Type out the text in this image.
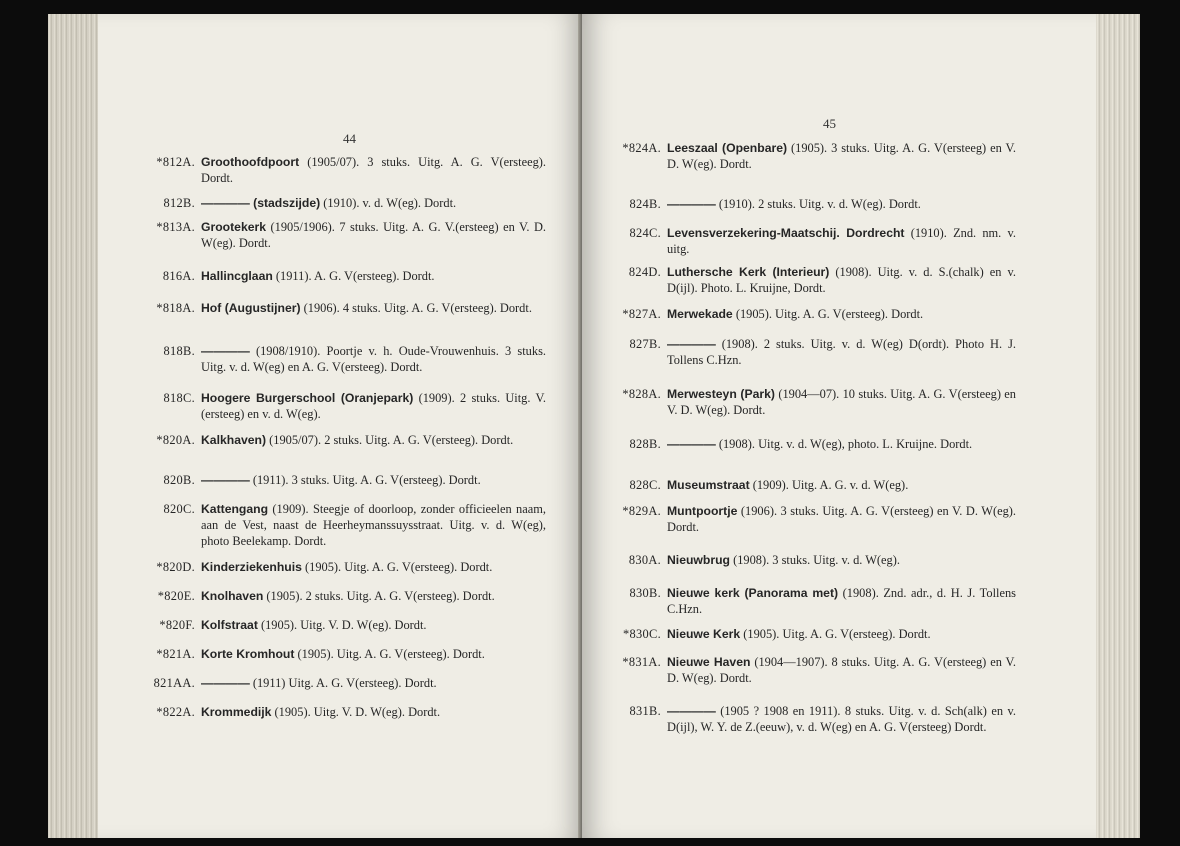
44
*812A. Groothoofdpoort (1905/07). 3 stuks. Uitg. A. G. V(ersteeg). Dordt.
812B. ———— (stadszijde) (1910). v. d. W(eg). Dordt.
*813A. Grootekerk (1905/1906). 7 stuks. Uitg. A. G. V.(ersteeg) en V. D. W(eg). Dordt.
816A. Hallincglaan (1911). A. G. V(ersteeg). Dordt.
*818A. Hof (Augustijner) (1906). 4 stuks. Uitg. A. G. V(ersteeg). Dordt.
818B. ———— (1908/1910). Poortje v. h. Oude-Vrouwenhuis. 3 stuks. Uitg. v. d. W(eg) en A. G. V(ersteeg). Dordt.
818C. Hoogere Burgerschool (Oranjepark) (1909). 2 stuks. Uitg. V.(ersteeg) en v. d. W(eg).
*820A. Kalkhaven) (1905/07). 2 stuks. Uitg. A. G. V(ersteeg). Dordt.
820B. ———— (1911). 3 stuks. Uitg. A. G. V(ersteeg). Dordt.
820C. Kattengang (1909). Steegje of doorloop, zonder officieelen naam, aan de Vest, naast de Heerheymanssuysstraat. Uitg. v. d. W(eg), photo Beelekamp. Dordt.
*820D. Kinderziekenhuis (1905). Uitg. A. G. V(ersteeg). Dordt.
*820E. Knolhaven (1905). 2 stuks. Uitg. A. G. V(ersteeg). Dordt.
*820F. Kolfstraat (1905). Uitg. V. D. W(eg). Dordt.
*821A. Korte Kromhout (1905). Uitg. A. G. V(ersteeg). Dordt.
821AA. ———— (1911) Uitg. A. G. V(ersteeg). Dordt.
*822A. Krommedijk (1905). Uitg. V. D. W(eg). Dordt.
45
*824A. Leeszaal (Openbare) (1905). 3 stuks. Uitg. A. G. V(ersteeg) en V. D. W(eg). Dordt.
824B. ———— (1910). 2 stuks. Uitg. v. d. W(eg). Dordt.
824C. Levensverzekering-Maatschij. Dordrecht (1910). Znd. nm. v. uitg.
824D. Luthersche Kerk (Interieur) (1908). Uitg. v. d. S.(chalk) en v. D(ijl). Photo. L. Kruijne, Dordt.
*827A. Merwekade (1905). Uitg. A. G. V(ersteeg). Dordt.
827B. ———— (1908). 2 stuks. Uitg. v. d. W(eg) D(ordt). Photo H. J. Tollens C.Hzn.
*828A. Merwesteyn (Park) (1904—07). 10 stuks. Uitg. A. G. V(ersteeg) en V. D. W(eg). Dordt.
828B. ———— (1908). Uitg. v. d. W(eg), photo. L. Kruijne. Dordt.
828C. Museumstraat (1909). Uitg. A. G. v. d. W(eg).
*829A. Muntpoortje (1906). 3 stuks. Uitg. A. G. V(ersteeg) en V. D. W(eg). Dordt.
830A. Nieuwbrug (1908). 3 stuks. Uitg. v. d. W(eg).
830B. Nieuwe kerk (Panorama met) (1908). Znd. adr., d. H. J. Tollens C.Hzn.
*830C. Nieuwe Kerk (1905). Uitg. A. G. V(ersteeg). Dordt.
*831A. Nieuwe Haven (1904—1907). 8 stuks. Uitg. A. G. V(ersteeg) en V. D. W(eg). Dordt.
831B. ———— (1905 ? 1908 en 1911). 8 stuks. Uitg. v. d. Sch(alk) en v. D(ijl), W. Y. de Z.(eeuw), v. d. W(eg) en A. G. V(ersteeg) Dordt.
